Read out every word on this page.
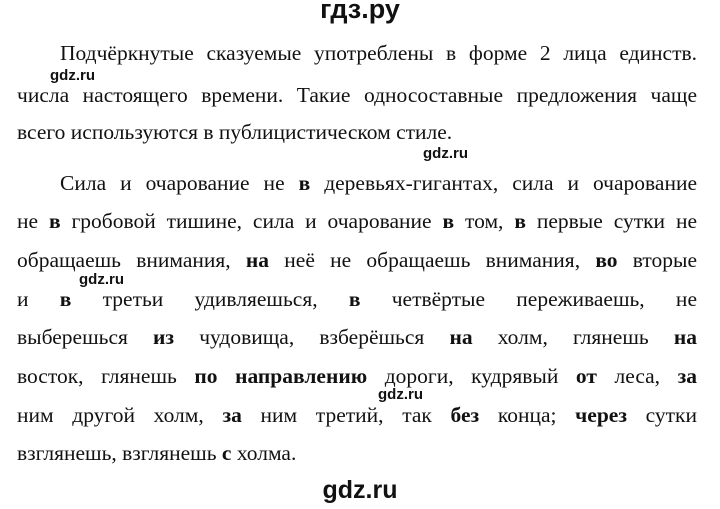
гдз.ру
Подчёркнутые сказуемые употреблены в форме 2 лица единств.
gdz.ru
числа настоящего времени. Такие односоставные предложения чаще
всего используются в публицистическом стиле.
gdz.ru
Сила и очарование не в деревьях-гигантах, сила и очарование
не в гробовой тишине, сила и очарование в том, в первые сутки не
обращаешь внимания, на неё не обращаешь внимания, во вторые
gdz.ru
и в третьи удивляешься, в четвёртые переживаешь, не
выберешься из чудовища, взберёшься на холм, глянешь на
восток, глянешь по направлению дороги, кудрявый от леса, за
gdz.ru
ним другой холм, за ним третий, так без конца; через сутки
взглянешь, взглянешь с холма.
gdz.ru
